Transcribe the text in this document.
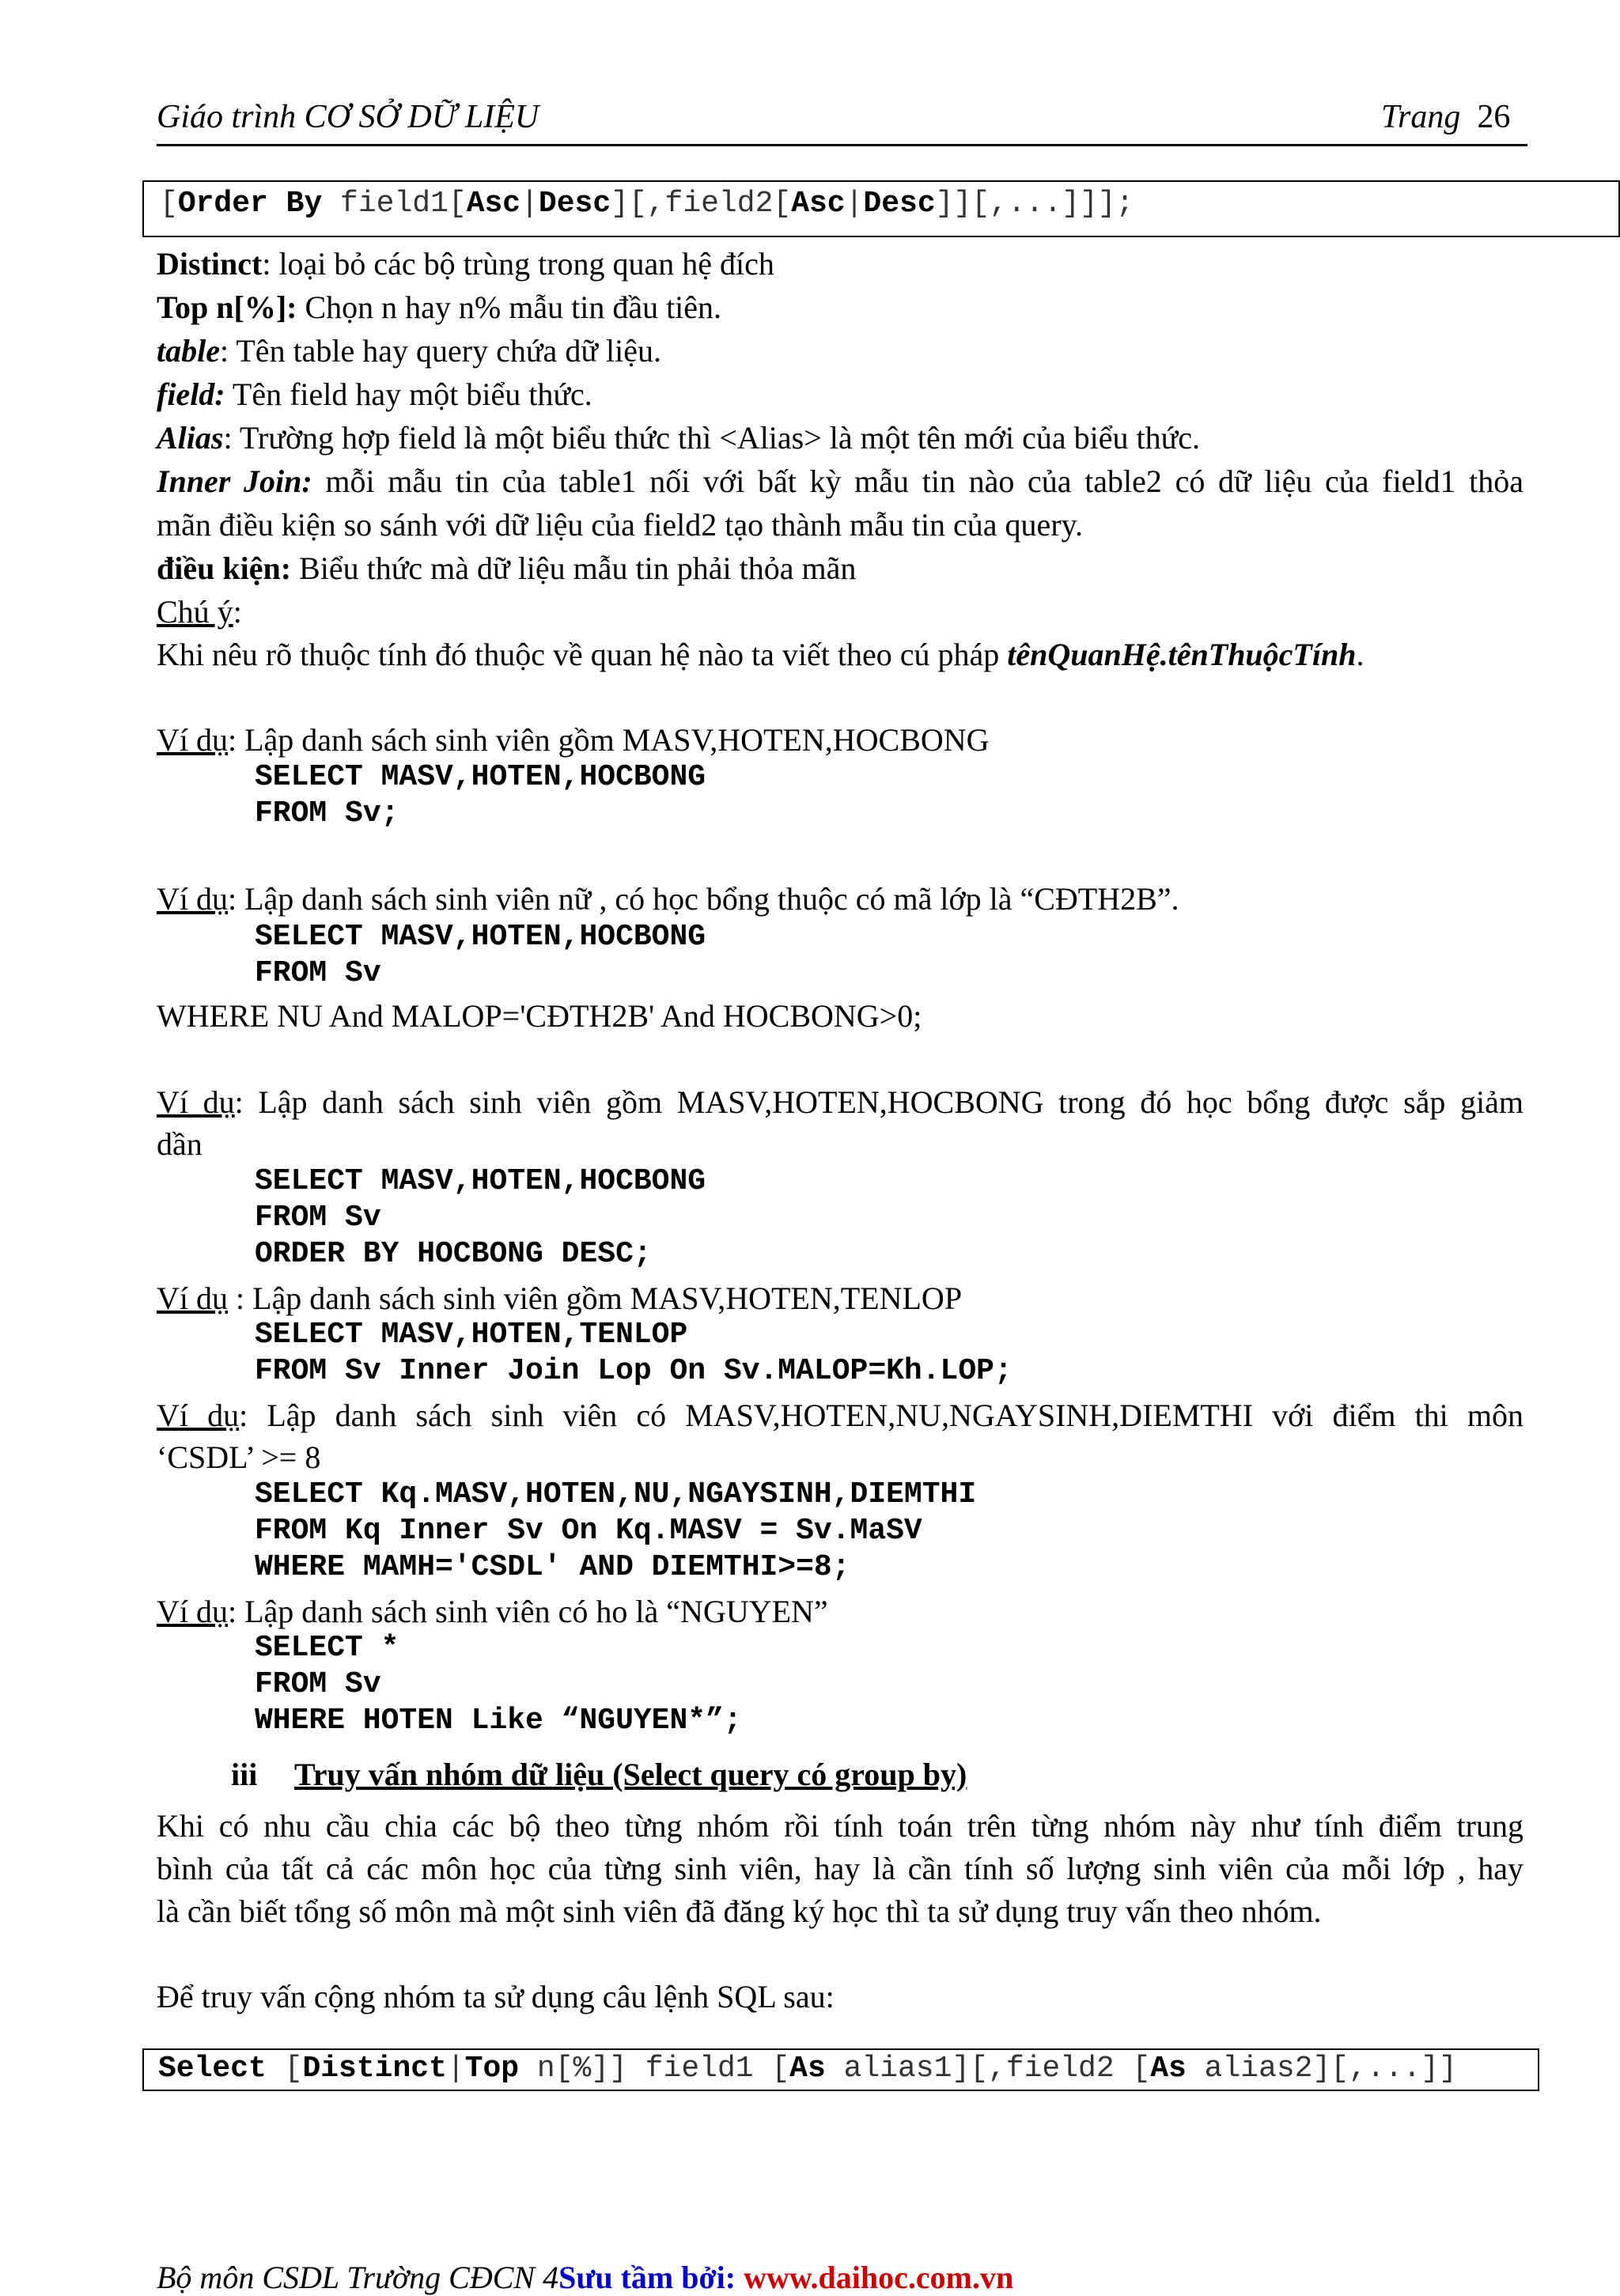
Giáo trình CƠ SỞ DỮ LIỆU	Trang 26
[Order By field1[Asc|Desc][,field2[Asc|Desc]][,...]]];
Distinct: loại bỏ các bộ trùng trong quan hệ đích
Top n[%]: Chọn n hay n% mẫu tin đầu tiên.
table: Tên table hay query chứa dữ liệu.
field: Tên field hay một biểu thức.
Alias: Trường hợp field là một biểu thức thì <Alias> là một tên mới của biểu thức.
Inner Join: mỗi mẫu tin của table1 nối với bất kỳ mẫu tin nào của table2 có dữ liệu của field1 thỏa
mãn điều kiện so sánh với dữ liệu của field2 tạo thành mẫu tin của query.
điều kiện: Biểu thức mà dữ liệu mẫu tin phải thỏa mãn
Chú ý:
Khi nêu rõ thuộc tính đó thuộc về quan hệ nào ta viết theo cú pháp tênQuanHệ.tênThuộcTính.
Ví dụ: Lập danh sách sinh viên gồm MASV,HOTEN,HOCBONG
SELECT MASV,HOTEN,HOCBONG
FROM Sv;
Ví dụ: Lập danh sách sinh viên nữ , có học bổng thuộc có mã lớp là “CĐTH2B”.
SELECT MASV,HOTEN,HOCBONG
FROM Sv
WHERE NU And MALOP='CĐTH2B' And HOCBONG>0;
Ví dụ: Lập danh sách sinh viên gồm MASV,HOTEN,HOCBONG trong đó học bổng được sắp giảm
dần
SELECT MASV,HOTEN,HOCBONG
FROM Sv
ORDER BY HOCBONG DESC;
Ví dụ : Lập danh sách sinh viên gồm MASV,HOTEN,TENLOP
SELECT MASV,HOTEN,TENLOP
FROM Sv Inner Join Lop On Sv.MALOP=Kh.LOP;
Ví dụ: Lập danh sách sinh viên có MASV,HOTEN,NU,NGAYSINH,DIEMTHI với điểm thi môn
‘CSDL’ >= 8
SELECT Kq.MASV,HOTEN,NU,NGAYSINH,DIEMTHI
FROM Kq Inner Sv On Kq.MASV = Sv.MaSV
WHERE MAMH='CSDL' AND DIEMTHI>=8;
Ví dụ: Lập danh sách sinh viên có ho là “NGUYEN”
SELECT *
FROM Sv
WHERE HOTEN Like “NGUYEN*”;
iii Truy vấn nhóm dữ liệu (Select query có group by)
Khi có nhu cầu chia các bộ theo từng nhóm rồi tính toán trên từng nhóm này như tính điểm trung
bình của tất cả các môn học của từng sinh viên, hay là cần tính số lượng sinh viên của mỗi lớp , hay
là cần biết tổng số môn mà một sinh viên đã đăng ký học thì ta sử dụng truy vấn theo nhóm.
Để truy vấn cộng nhóm ta sử dụng câu lệnh SQL sau:
Select [Distinct|Top n[%]] field1 [As alias1][,field2 [As alias2][,...]]
Bộ môn CSDL Trường CĐCN 4Sưu tầm bởi: www.daihoc.com.vn
